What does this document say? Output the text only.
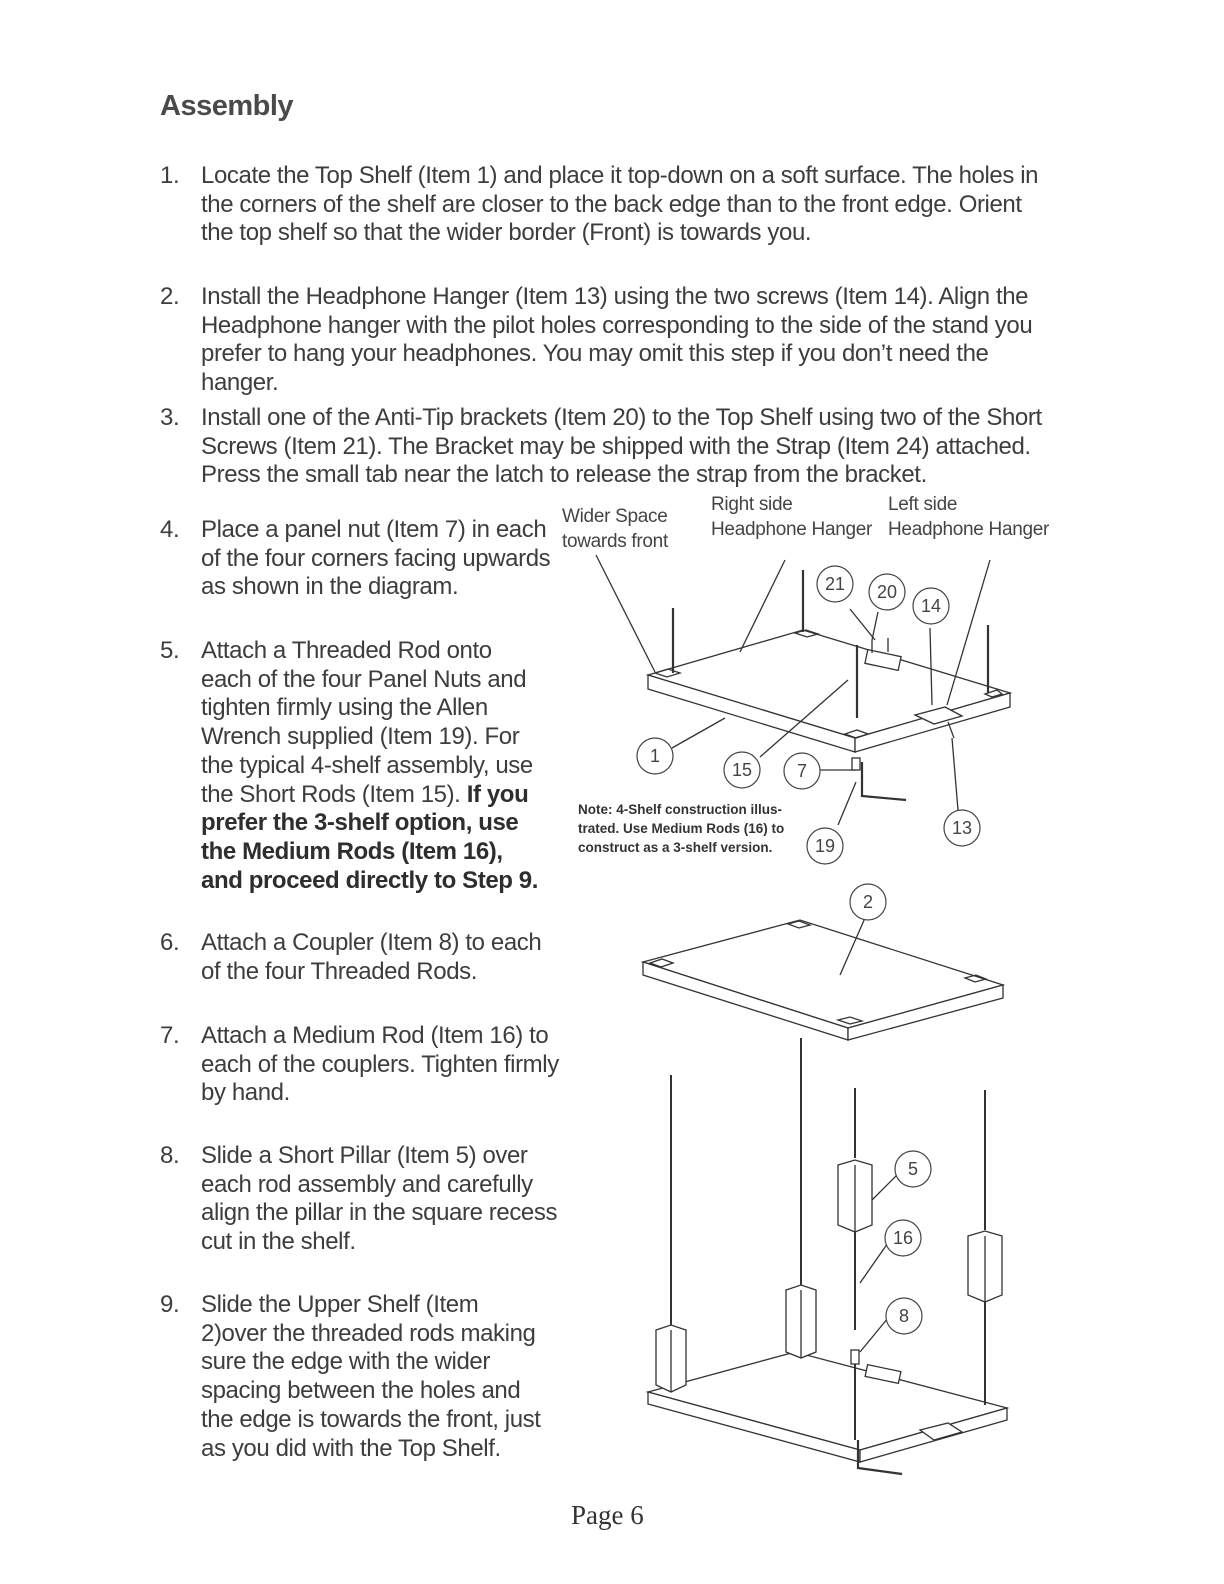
Assembly
1. Locate the Top Shelf (Item 1) and place it top-down on a soft surface. The holes in the corners of the shelf are closer to the back edge than to the front edge. Orient the top shelf so that the wider border (Front) is towards you.
2. Install the Headphone Hanger (Item 13) using the two screws (Item 14). Align the Headphone hanger with the pilot holes corresponding to the side of the stand you prefer to hang your headphones. You may omit this step if you don’t need the hanger.
3. Install one of the Anti-Tip brackets (Item 20) to the Top Shelf using two of the Short Screws (Item 21). The Bracket may be shipped with the Strap (Item 24) attached. Press the small tab near the latch to release the strap from the bracket.
4. Place a panel nut (Item 7) in each of the four corners facing upwards as shown in the diagram.
5. Attach a Threaded Rod onto each of the four Panel Nuts and tighten firmly using the Allen Wrench supplied (Item 19). For the typical 4-shelf assembly, use the Short Rods (Item 15). If you prefer the 3-shelf option, use the Medium Rods (Item 16), and proceed directly to Step 9.
6. Attach a Coupler (Item 8) to each of the four Threaded Rods.
7. Attach a Medium Rod (Item 16) to each of the couplers. Tighten firmly by hand.
8. Slide a Short Pillar (Item 5) over each rod assembly and carefully align the pillar in the square recess cut in the shelf.
9. Slide the Upper Shelf (Item 2)over the threaded rods making sure the edge with the wider spacing between the holes and the edge is towards the front, just as you did with the Top Shelf.
Wider Space
towards front
Right side
Headphone Hanger
Left side
Headphone Hanger
Note: 4-Shelf construction illus-
trated. Use Medium Rods (16) to
construct as a 3-shelf version.
21 20
14
1
15 7
19
13
2
5
16
8
Page 6
